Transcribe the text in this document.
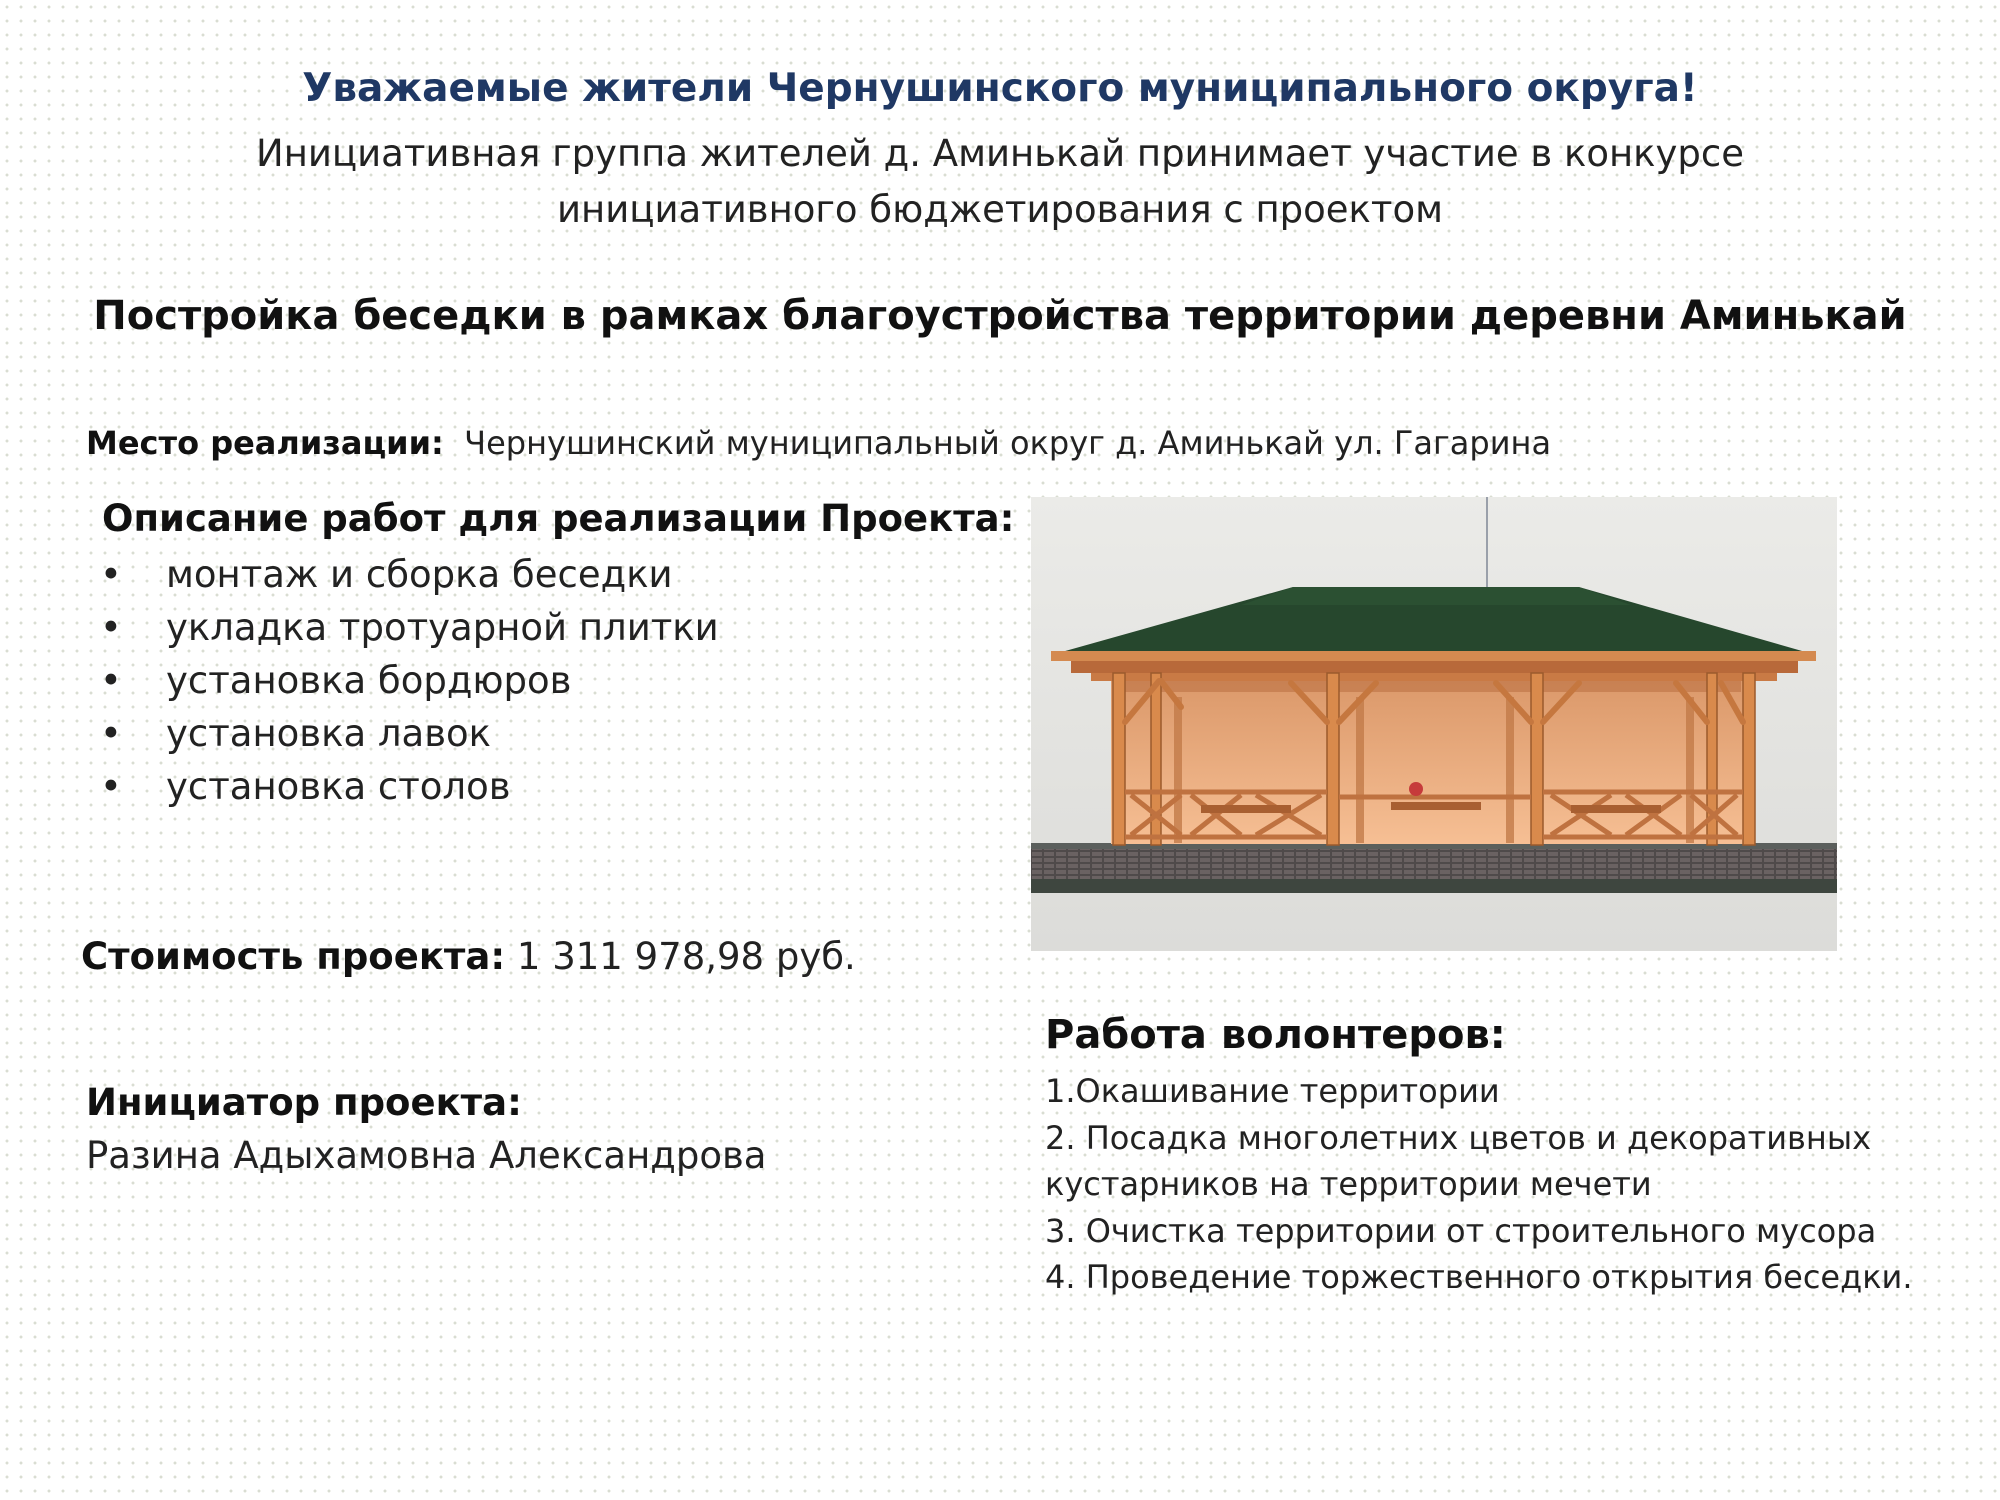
Уважаемые жители Чернушинского муниципального округа!
Инициативная группа жителей д. Аминькай принимает участие в конкурсе инициативного бюджетирования с проектом
Постройка беседки в рамках благоустройства территории деревни Аминькай
Место реализации: Чернушинский муниципальный округ д. Аминькай ул. Гагарина
Описание работ для реализации Проекта:
• монтаж и сборка беседки
• укладка тротуарной плитки
• установка бордюров
• установка лавок
• установка столов
Стоимость проекта: 1 311 978,98 руб.
Инициатор проекта:
Разина Адыхамовна Александрова
Работа волонтеров:
1.Окашивание территории
2. Посадка многолетних цветов и декоративных кустарников на территории мечети
3. Очистка территории от строительного мусора
4. Проведение торжественного открытия беседки.
